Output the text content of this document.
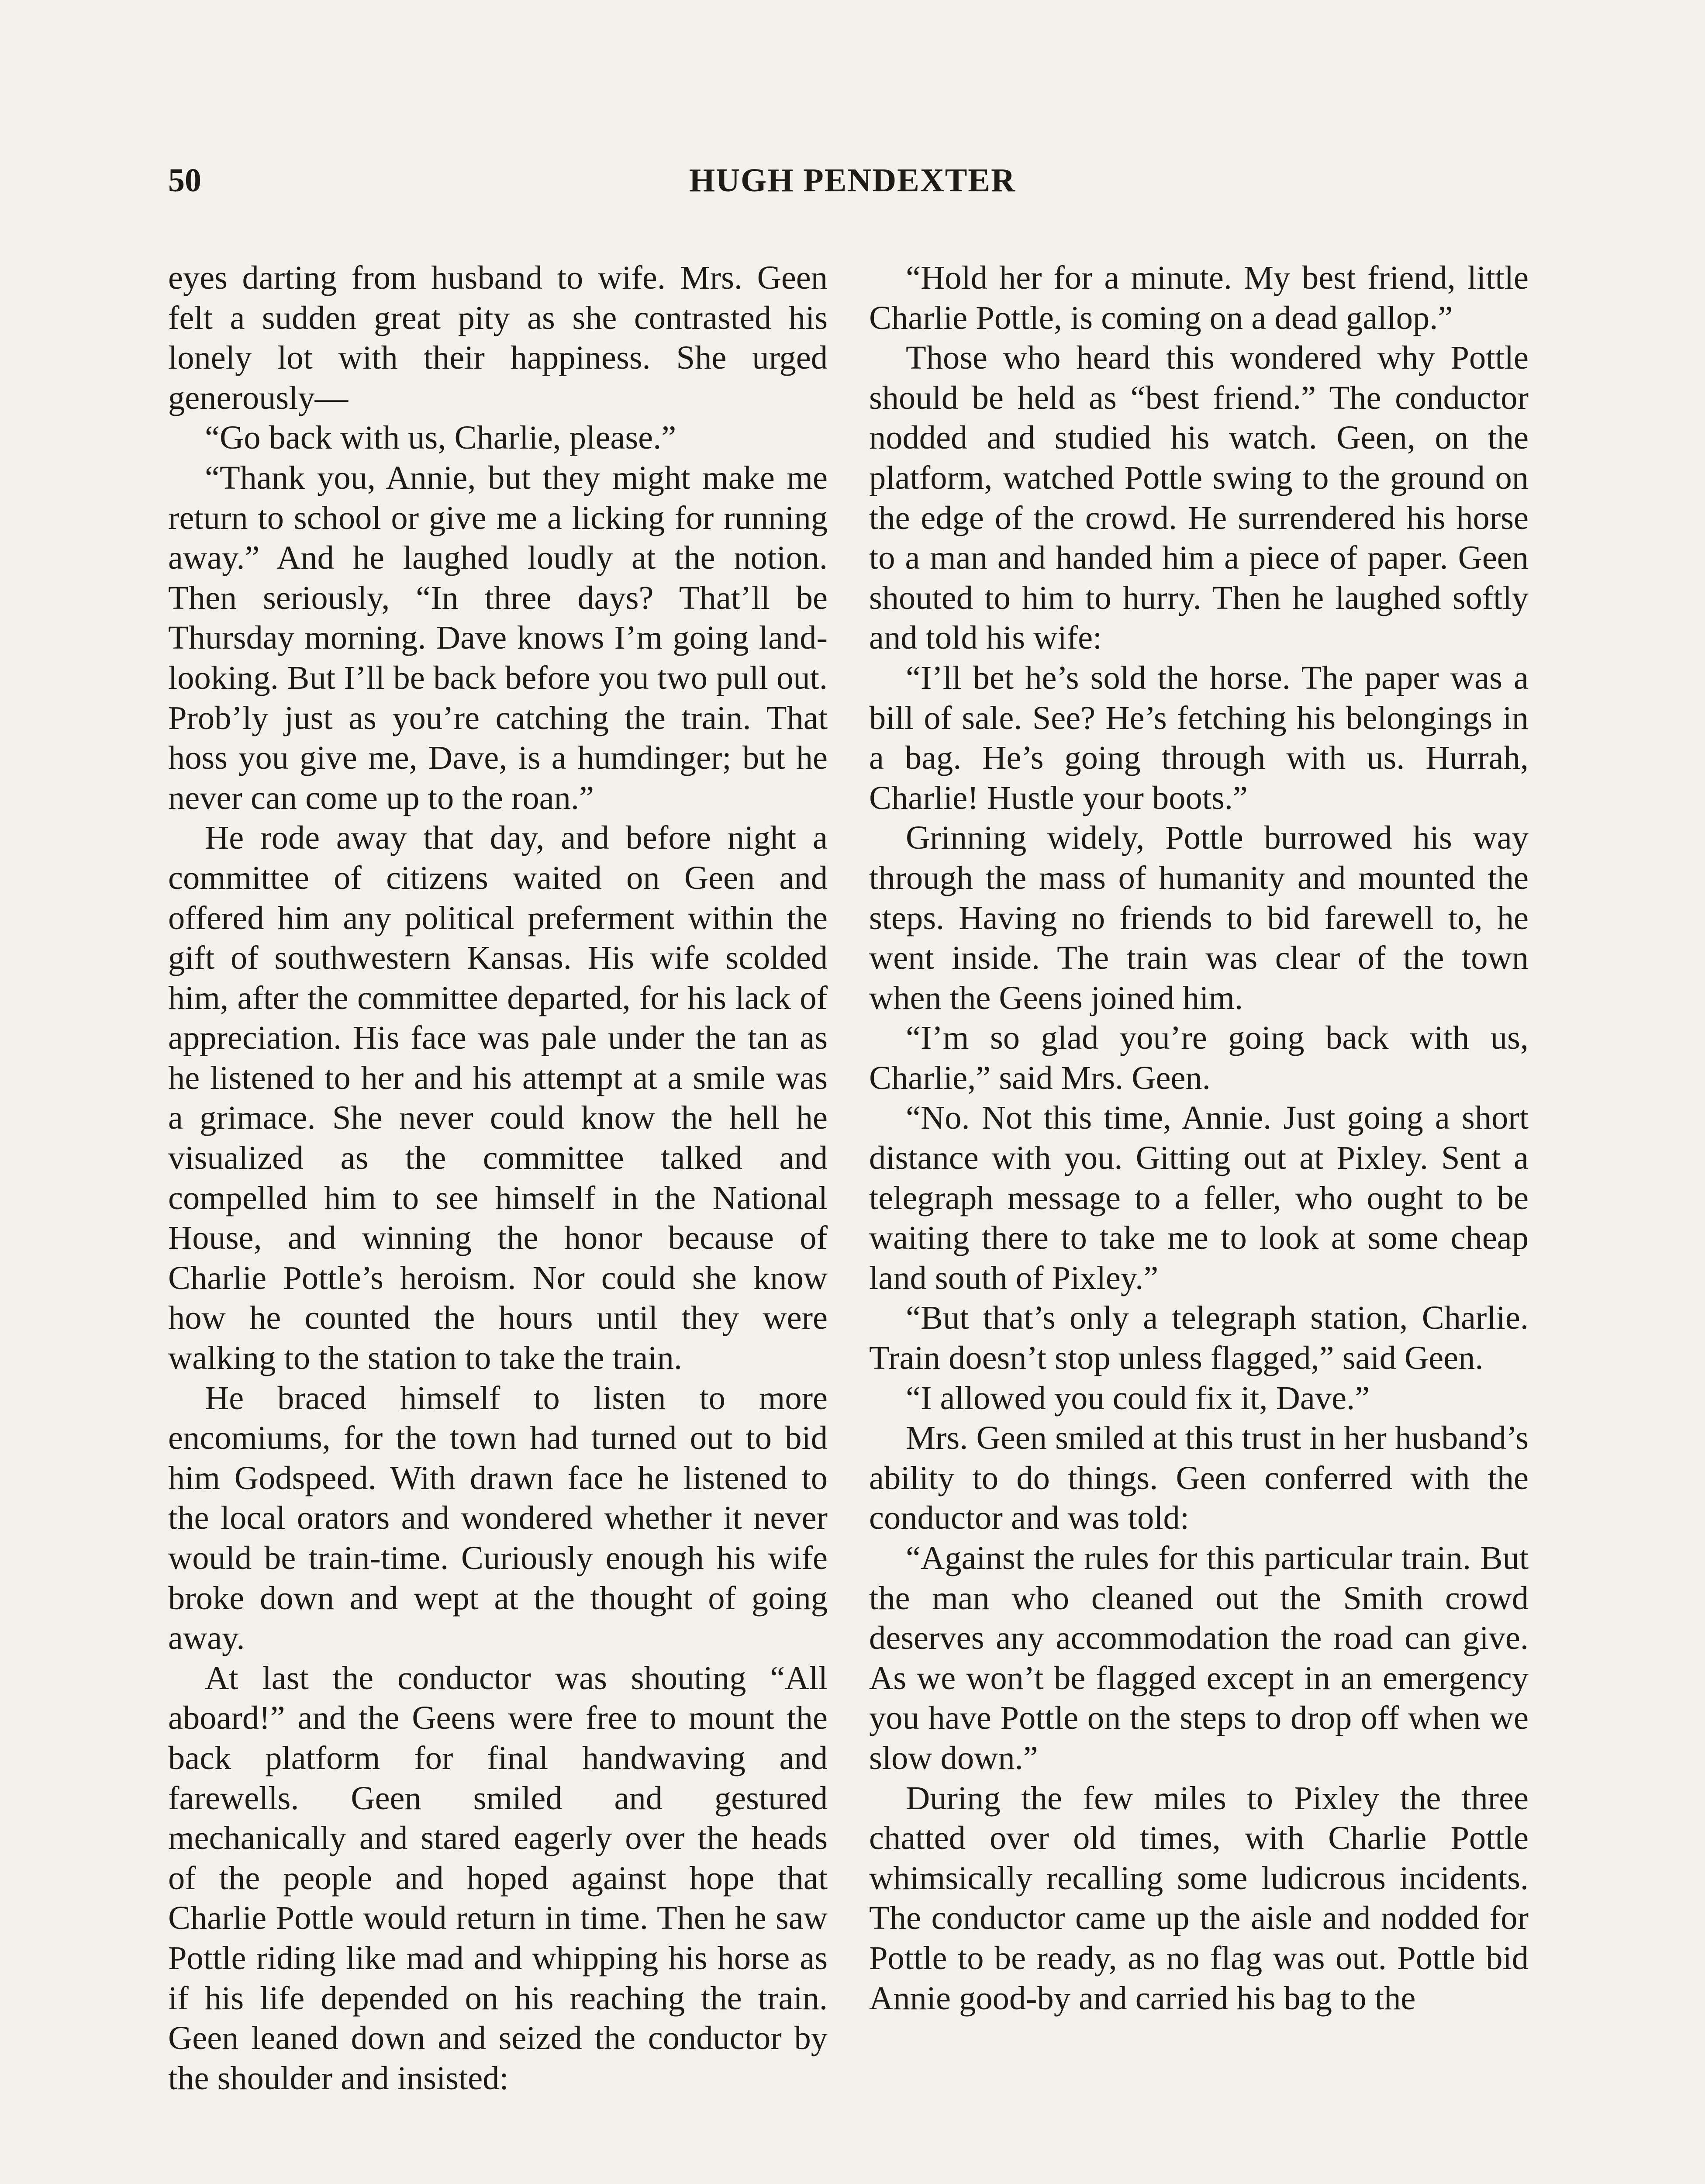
50	HUGH PENDEXTER

eyes darting from husband to wife. Mrs. Geen felt a sudden great pity as she contrasted his lonely lot with their happiness. She urged generously—

“Go back with us, Charlie, please.”

“Thank you, Annie, but they might make me return to school or give me a licking for running away.” And he laughed loudly at the notion. Then seriously, “In three days? That’ll be Thursday morning. Dave knows I’m going land-looking. But I’ll be back before you two pull out. Prob’ly just as you’re catching the train. That hoss you give me, Dave, is a humdinger; but he never can come up to the roan.”

He rode away that day, and before night a committee of citizens waited on Geen and offered him any political preferment within the gift of southwestern Kansas. His wife scolded him, after the committee departed, for his lack of appreciation. His face was pale under the tan as he listened to her and his attempt at a smile was a grimace. She never could know the hell he visualized as the committee talked and compelled him to see himself in the National House, and winning the honor because of Charlie Pottle’s heroism. Nor could she know how he counted the hours until they were walking to the station to take the train.

He braced himself to listen to more encomiums, for the town had turned out to bid him Godspeed. With drawn face he listened to the local orators and wondered whether it never would be train-time. Curiously enough his wife broke down and wept at the thought of going away.

At last the conductor was shouting “All aboard!” and the Geens were free to mount the back platform for final handwaving and farewells. Geen smiled and gestured mechanically and stared eagerly over the heads of the people and hoped against hope that Charlie Pottle would return in time. Then he saw Pottle riding like mad and whipping his horse as if his life depended on his reaching the train. Geen leaned down and seized the conductor by the shoulder and insisted:

“Hold her for a minute. My best friend, little Charlie Pottle, is coming on a dead gallop.”

Those who heard this wondered why Pottle should be held as “best friend.” The conductor nodded and studied his watch. Geen, on the platform, watched Pottle swing to the ground on the edge of the crowd. He surrendered his horse to a man and handed him a piece of paper. Geen shouted to him to hurry. Then he laughed softly and told his wife:

“I’ll bet he’s sold the horse. The paper was a bill of sale. See? He’s fetching his belongings in a bag. He’s going through with us. Hurrah, Charlie! Hustle your boots.”

Grinning widely, Pottle burrowed his way through the mass of humanity and mounted the steps. Having no friends to bid farewell to, he went inside. The train was clear of the town when the Geens joined him.

“I’m so glad you’re going back with us, Charlie,” said Mrs. Geen.

“No. Not this time, Annie. Just going a short distance with you. Gitting out at Pixley. Sent a telegraph message to a feller, who ought to be waiting there to take me to look at some cheap land south of Pixley.”

“But that’s only a telegraph station, Charlie. Train doesn’t stop unless flagged,” said Geen.

“I allowed you could fix it, Dave.”

Mrs. Geen smiled at this trust in her husband’s ability to do things. Geen conferred with the conductor and was told:

“Against the rules for this particular train. But the man who cleaned out the Smith crowd deserves any accommodation the road can give. As we won’t be flagged except in an emergency you have Pottle on the steps to drop off when we slow down.”

During the few miles to Pixley the three chatted over old times, with Charlie Pottle whimsically recalling some ludicrous incidents. The conductor came up the aisle and nodded for Pottle to be ready, as no flag was out. Pottle bid Annie good-by and carried his bag to the
